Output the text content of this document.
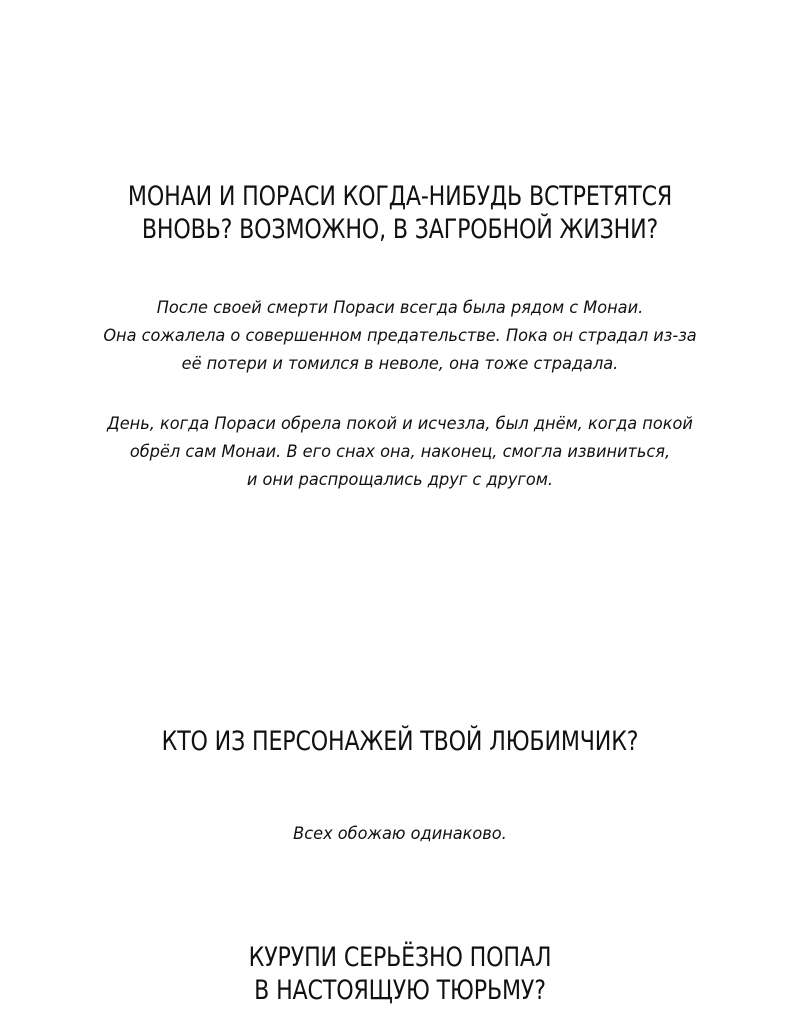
МОНАИ И ПОРАСИ КОГДА-НИБУДЬ ВСТРЕТЯТСЯ
ВНОВЬ? ВОЗМОЖНО, В ЗАГРОБНОЙ ЖИЗНИ?
После своей смерти Пораси всегда была рядом с Монаи.
Она сожалела о совершенном предательстве. Пока он страдал из-за
её потери и томился в неволе, она тоже страдала.
День, когда Пораси обрела покой и исчезла, был днём, когда покой
обрёл сам Монаи. В его снах она, наконец, смогла извиниться,
и они распрощались друг с другом.
КТО ИЗ ПЕРСОНАЖЕЙ ТВОЙ ЛЮБИМЧИК?
Всех обожаю одинаково.
КУРУПИ СЕРЬЁЗНО ПОПАЛ
В НАСТОЯЩУЮ ТЮРЬМУ?
